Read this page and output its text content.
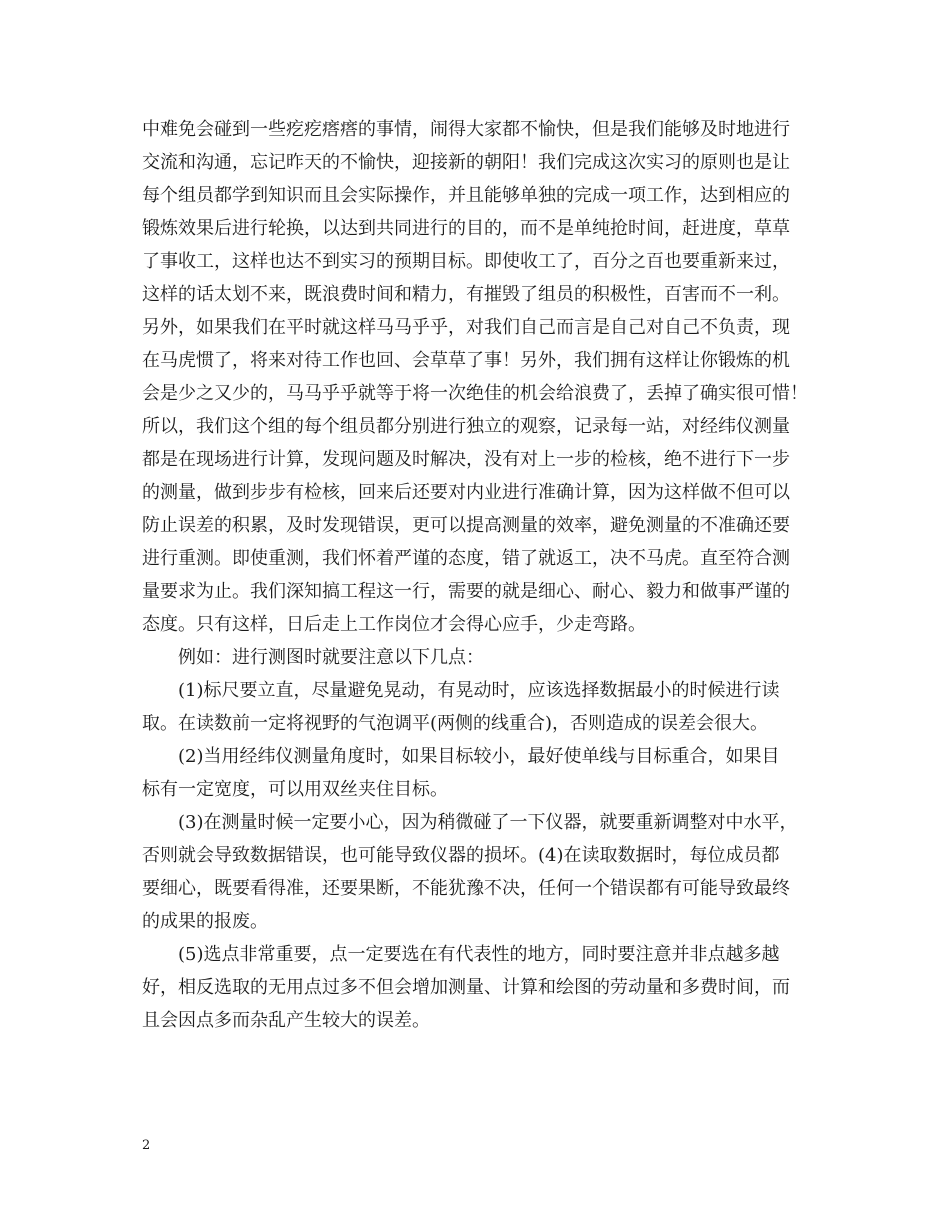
中难免会碰到一些疙疙瘩瘩的事情，闹得大家都不愉快，但是我们能够及时地进行
交流和沟通，忘记昨天的不愉快，迎接新的朝阳！我们完成这次实习的原则也是让
每个组员都学到知识而且会实际操作，并且能够单独的完成一项工作，达到相应的
锻炼效果后进行轮换，以达到共同进行的目的，而不是单纯抢时间，赶进度，草草
了事收工，这样也达不到实习的预期目标。即使收工了，百分之百也要重新来过，
这样的话太划不来，既浪费时间和精力，有摧毁了组员的积极性，百害而不一利。
另外，如果我们在平时就这样马马乎乎，对我们自己而言是自己对自己不负责，现
在马虎惯了，将来对待工作也回、会草草了事！另外，我们拥有这样让你锻炼的机
会是少之又少的，马马乎乎就等于将一次绝佳的机会给浪费了，丢掉了确实很可惜！
所以，我们这个组的每个组员都分别进行独立的观察，记录每一站，对经纬仪测量
都是在现场进行计算，发现问题及时解决，没有对上一步的检核，绝不进行下一步
的测量，做到步步有检核，回来后还要对内业进行准确计算，因为这样做不但可以
防止误差的积累，及时发现错误，更可以提高测量的效率，避免测量的不准确还要
进行重测。即使重测，我们怀着严谨的态度，错了就返工，决不马虎。直至符合测
量要求为止。我们深知搞工程这一行，需要的就是细心、耐心、毅力和做事严谨的
态度。只有这样，日后走上工作岗位才会得心应手，少走弯路。
例如：进行测图时就要注意以下几点：
(1)标尺要立直，尽量避免晃动，有晃动时，应该选择数据最小的时候进行读
取。在读数前一定将视野的气泡调平(两侧的线重合)，否则造成的误差会很大。
(2)当用经纬仪测量角度时，如果目标较小，最好使单线与目标重合，如果目
标有一定宽度，可以用双丝夹住目标。
(3)在测量时候一定要小心，因为稍微碰了一下仪器，就要重新调整对中水平，
否则就会导致数据错误，也可能导致仪器的损坏。(4)在读取数据时，每位成员都
要细心，既要看得准，还要果断，不能犹豫不决，任何一个错误都有可能导致最终
的成果的报废。
(5)选点非常重要，点一定要选在有代表性的地方，同时要注意并非点越多越
好，相反选取的无用点过多不但会增加测量、计算和绘图的劳动量和多费时间，而
且会因点多而杂乱产生较大的误差。
2
